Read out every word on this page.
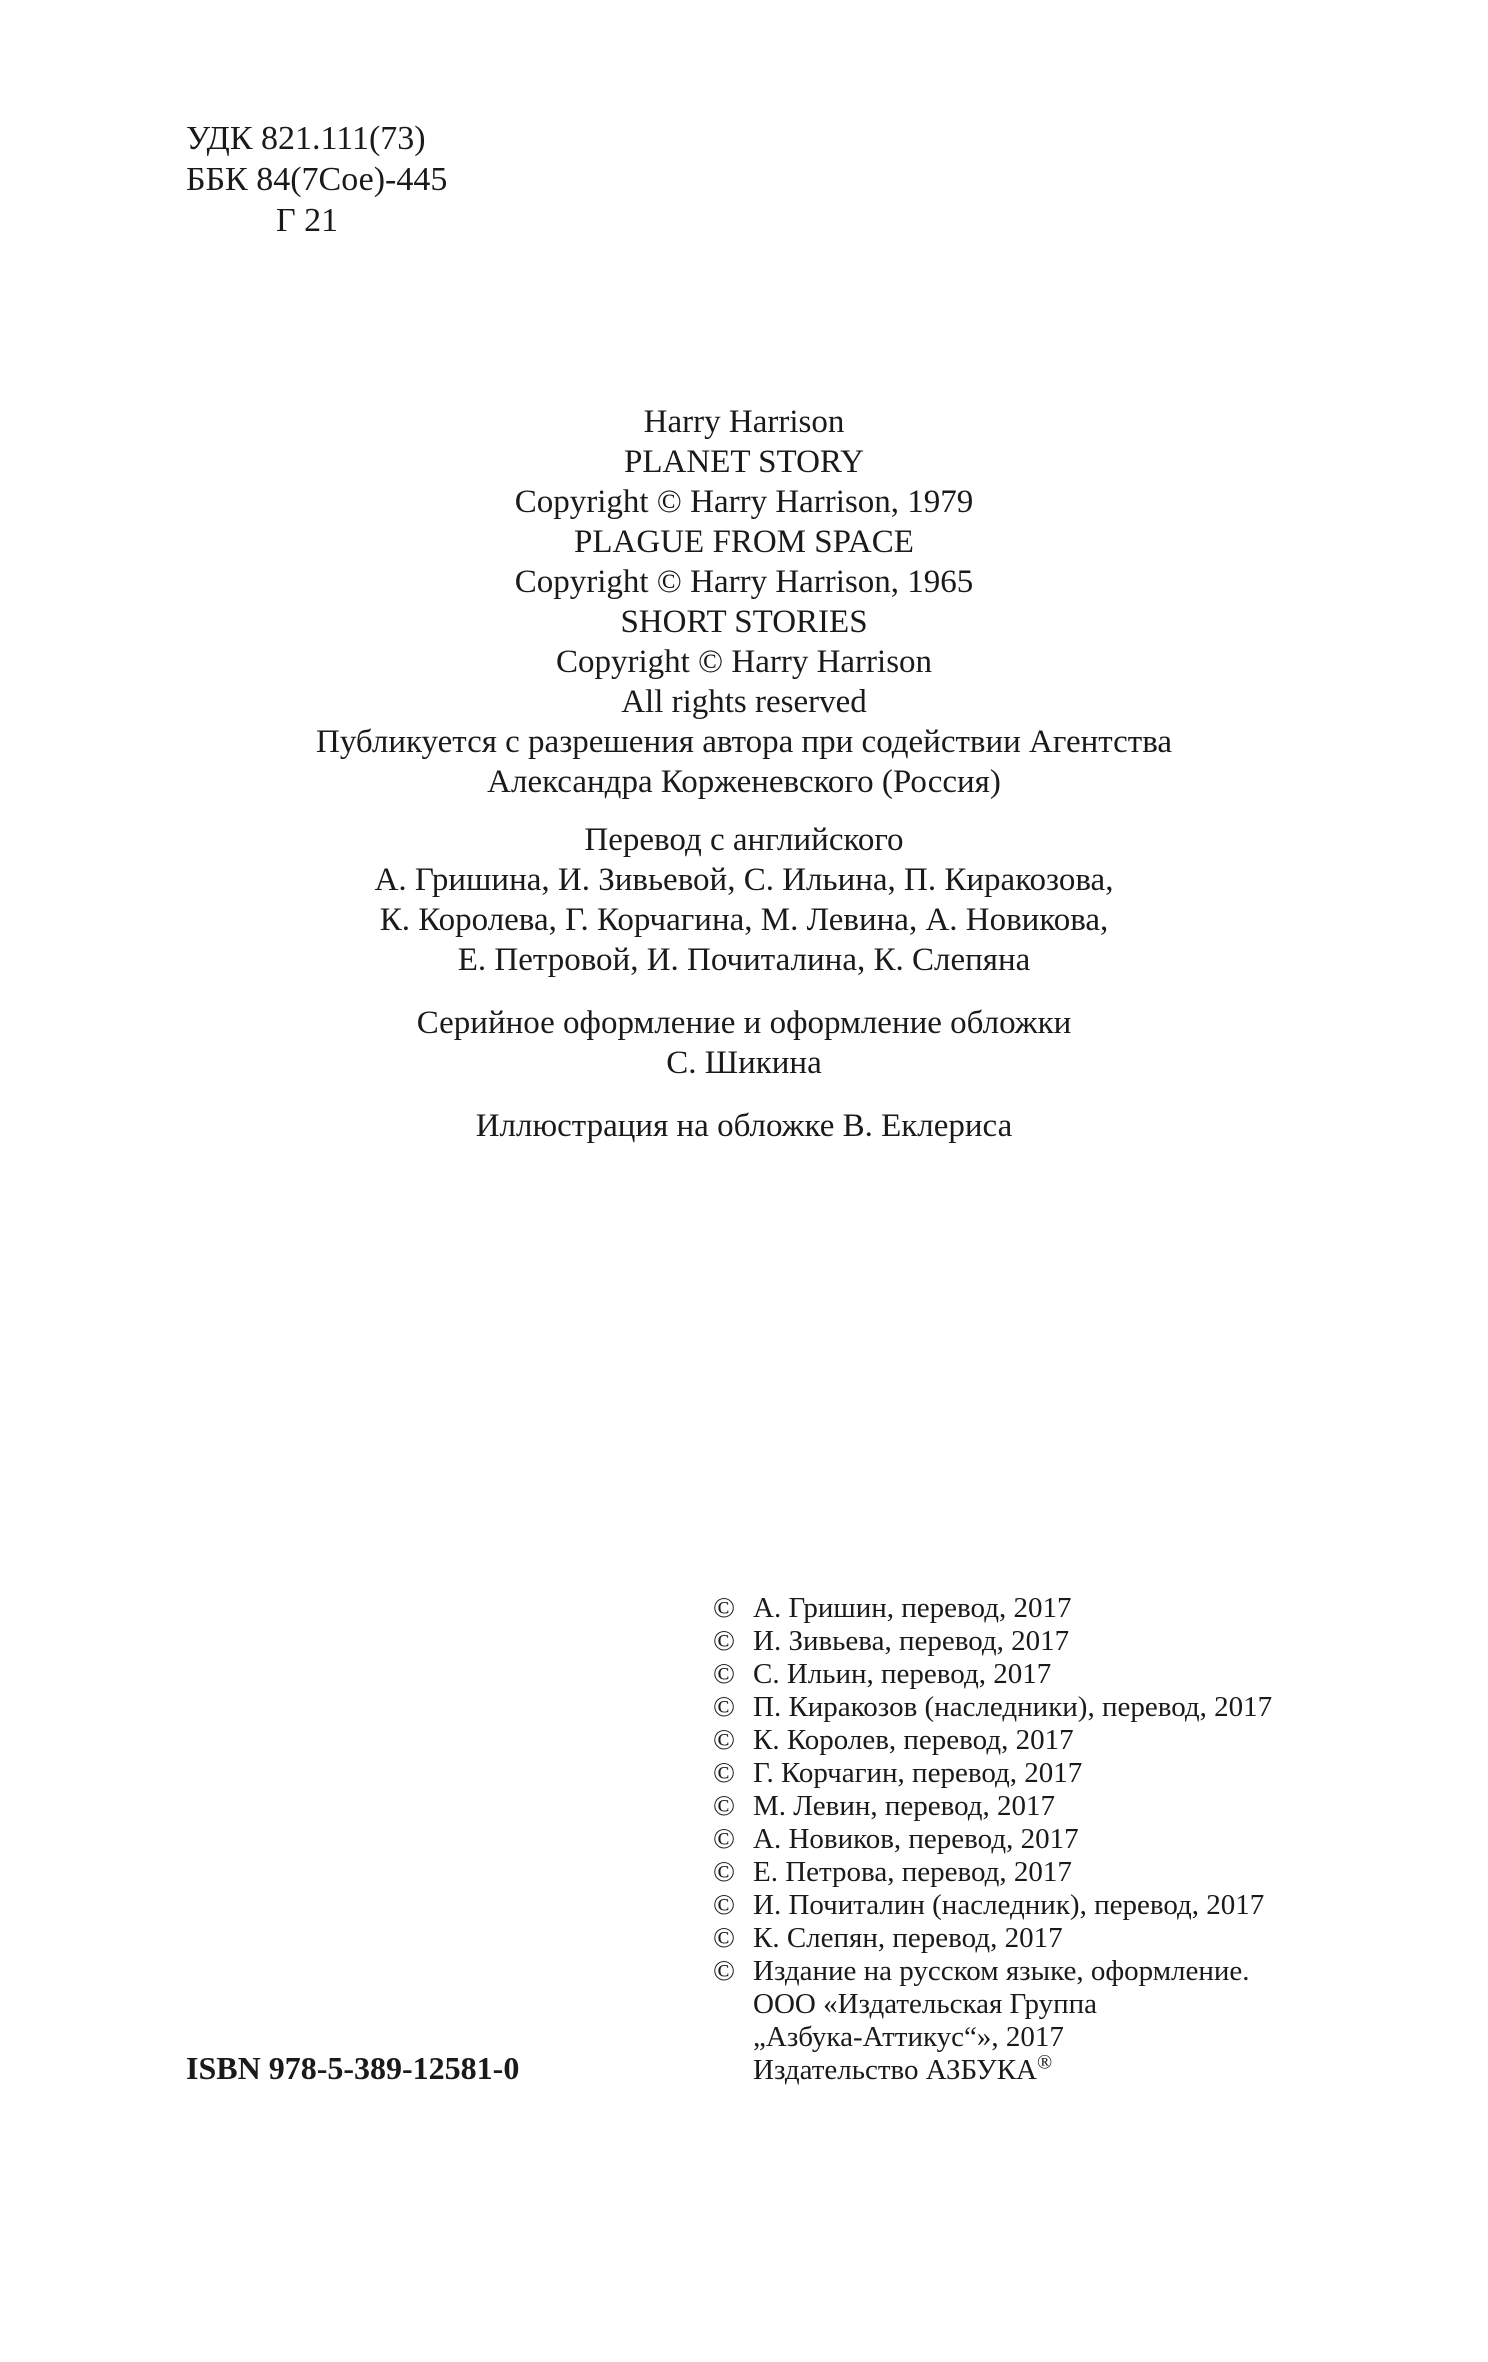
УДК 821.111(73)
ББК 84(7Сое)-445
Г 21
Harry Harrison
PLANET STORY
Copyright © Harry Harrison, 1979
PLAGUE FROM SPACE
Copyright © Harry Harrison, 1965
SHORT STORIES
Copyright © Harry Harrison
All rights reserved
Публикуется с разрешения автора при содействии Агентства
Александра Корженевского (Россия)
Перевод с английского
А. Гришина, И. Зивьевой, С. Ильина, П. Киракозова,
К. Королева, Г. Корчагина, М. Левина, А. Новикова,
Е. Петровой, И. Почиталина, К. Слепяна
Серийное оформление и оформление обложки
С. Шикина
Иллюстрация на обложке В. Еклериса
© А. Гришин, перевод, 2017
© И. Зивьева, перевод, 2017
© С. Ильин, перевод, 2017
© П. Киракозов (наследники), перевод, 2017
© К. Королев, перевод, 2017
© Г. Корчагин, перевод, 2017
© М. Левин, перевод, 2017
© А. Новиков, перевод, 2017
© Е. Петрова, перевод, 2017
© И. Почиталин (наследник), перевод, 2017
© К. Слепян, перевод, 2017
© Издание на русском языке, оформление.
ООО «Издательская Группа
„Азбука-Аттикус“», 2017
Издательство АЗБУКА®
ISBN 978-5-389-12581-0
